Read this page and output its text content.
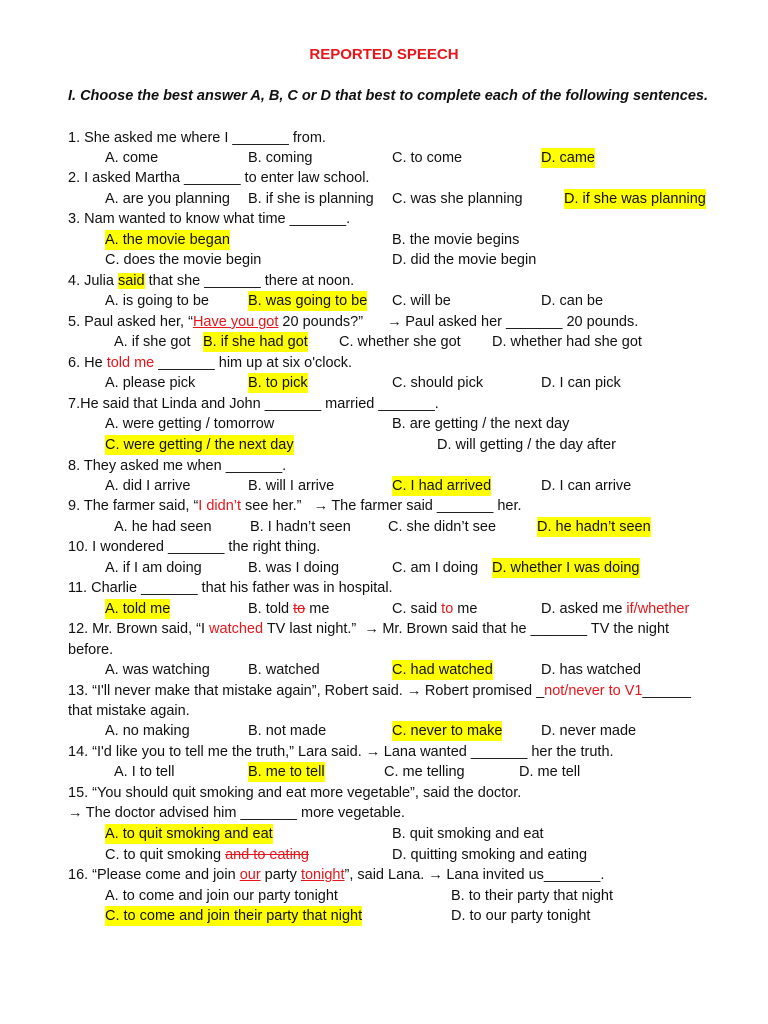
REPORTED SPEECH
I. Choose the best answer A, B, C or D that best to complete each of the following sentences.
1. She asked me where I _______ from.
A. come	B. coming	C. to come	D. came
2. I asked Martha _______ to enter law school.
A. are you planning B. if she is planning C. was she planning	D. if she was planning
3. Nam wanted to know what time _______.
A. the movie began	B. the movie begins
C. does the movie begin	D. did the movie begin
4. Julia said that she _______ there at noon.
A. is going to be	B. was going to be C. will be	D. can be
5. Paul asked her, “Have you got 20 pounds?” → Paul asked her _______ 20 pounds.
A. if she got B. if she had got C. whether she got D. whether had she got
6. He told me _______ him up at six o'clock.
A. please pick	B. to pick	C. should pick	D. I can pick
7.He said that Linda and John _______ married _______.
A. were getting / tomorrow	B. are getting / the next day
C. were getting / the next day	D. will getting / the day after
8. They asked me when _______.
A. did I arrive	B. will I arrive	C. I had arrived	D. I can arrive
9. The farmer said, “I didn’t see her.” → The farmer said _______ her.
A. he had seen	B. I hadn’t seen	C. she didn’t see	D. he hadn’t seen
10. I wondered _______ the right thing.
A. if I am doing	B. was I doing	C. am I doing D. whether I was doing
11. Charlie _______ that his father was in hospital.
A. told me	B. told to me	C. said to me	D. asked me if/whether
12. Mr. Brown said, “I watched TV last night.” → Mr. Brown said that he _______ TV the night
before.
A. was watching	B. watched	C. had watched	D. has watched
13. “I'll never make that mistake again”, Robert said. → Robert promised _not/never to V1______
that mistake again.
A. no making	B. not made	C. never to make	D. never made
14. “I'd like you to tell me the truth,” Lara said. → Lana wanted _______ her the truth.
A. I to tell	B. me to tell	C. me telling	D. me tell
15. “You should quit smoking and eat more vegetable”, said the doctor.
→ The doctor advised him _______ more vegetable.
A. to quit smoking and eat	B. quit smoking and eat
C. to quit smoking and to eating	D. quitting smoking and eating
16. “Please come and join our party tonight”, said Lana. → Lana invited us_______.
A. to come and join our party tonight	B. to their party that night
C. to come and join their party that night	D. to our party tonight
